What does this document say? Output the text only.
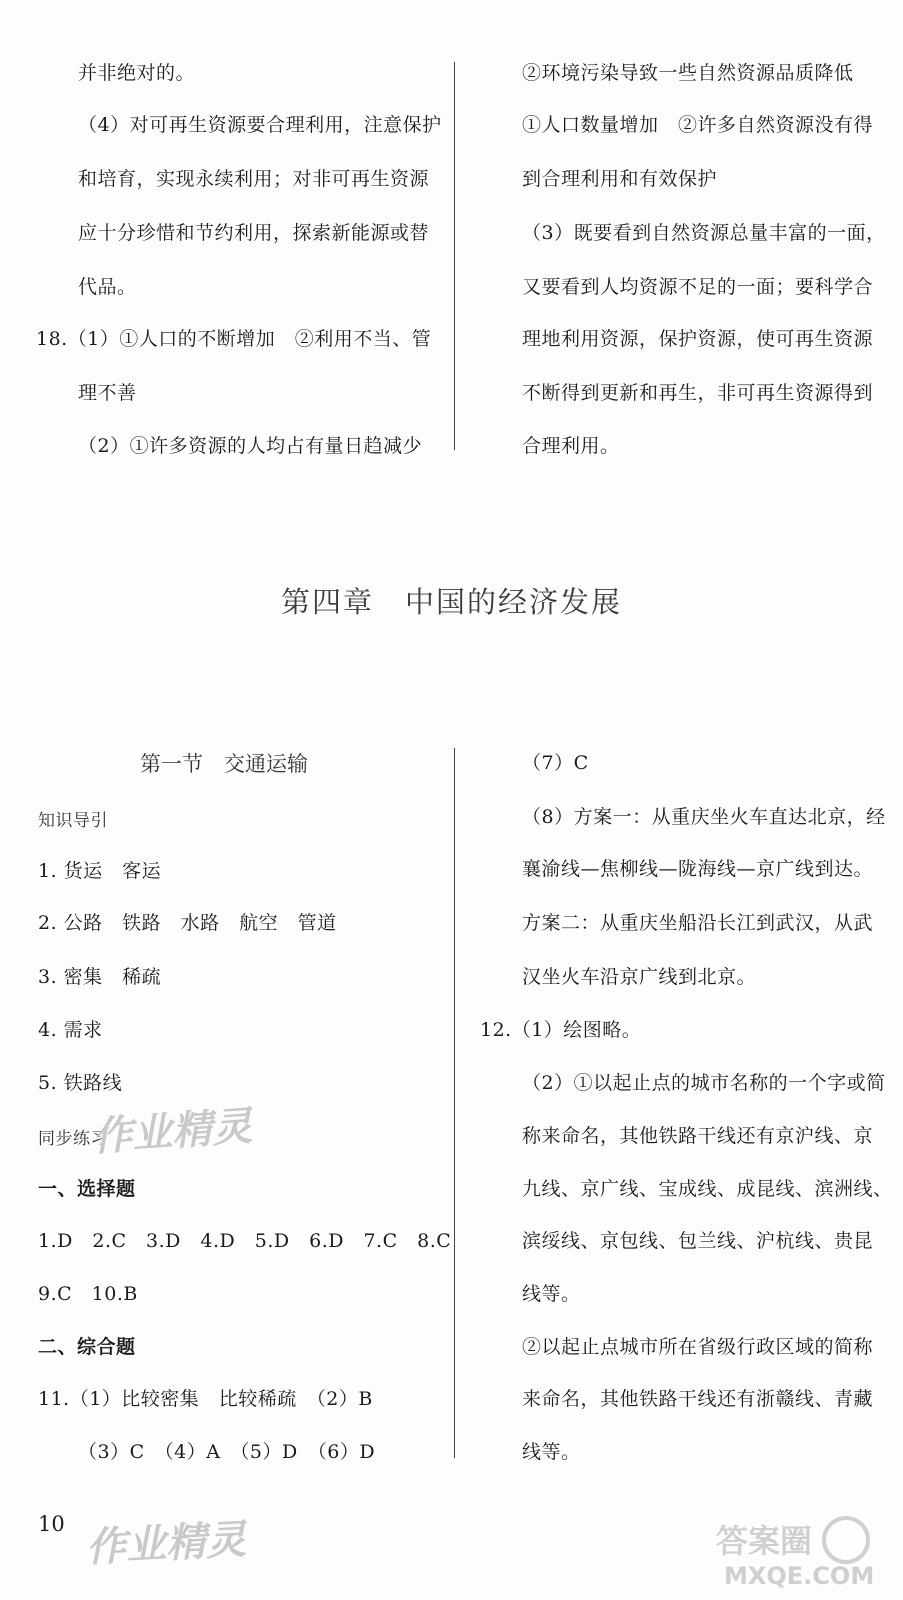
并非绝对的。
（4）对可再生资源要合理利用，注意保护
和培育，实现永续利用；对非可再生资源
应十分珍惜和节约利用，探索新能源或替
代品。
18.（1）①人口的不断增加　②利用不当、管
理不善
（2）①许多资源的人均占有量日趋减少
②环境污染导致一些自然资源品质降低
①人口数量增加　②许多自然资源没有得
到合理利用和有效保护
（3）既要看到自然资源总量丰富的一面，
又要看到人均资源不足的一面；要科学合
理地利用资源，保护资源，使可再生资源
不断得到更新和再生，非可再生资源得到
合理利用。
第四章　中国的经济发展
第一节　交通运输
知识导引
1. 货运　客运
2. 公路　铁路　水路　航空　管道
3. 密集　稀疏
4. 需求
5. 铁路线
同步练习
一、选择题
1.D　2.C　3.D　4.D　5.D　6.D　7.C　8.C
9.C　10.B
二、综合题
11.（1）比较密集　比较稀疏　（2）B
（3）C　（4）A　（5）D　（6）D
（7）C
（8）方案一：从重庆坐火车直达北京，经
襄渝线—焦柳线—陇海线—京广线到达。
方案二：从重庆坐船沿长江到武汉，从武
汉坐火车沿京广线到北京。
12.（1）绘图略。
（2）①以起止点的城市名称的一个字或简
称来命名，其他铁路干线还有京沪线、京
九线、京广线、宝成线、成昆线、滨洲线、
滨绥线、京包线、包兰线、沪杭线、贵昆
线等。
②以起止点城市所在省级行政区域的简称
来命名，其他铁路干线还有浙赣线、青藏
线等。
10
作业精灵
作业精灵	答案圈
MXQE.COM
